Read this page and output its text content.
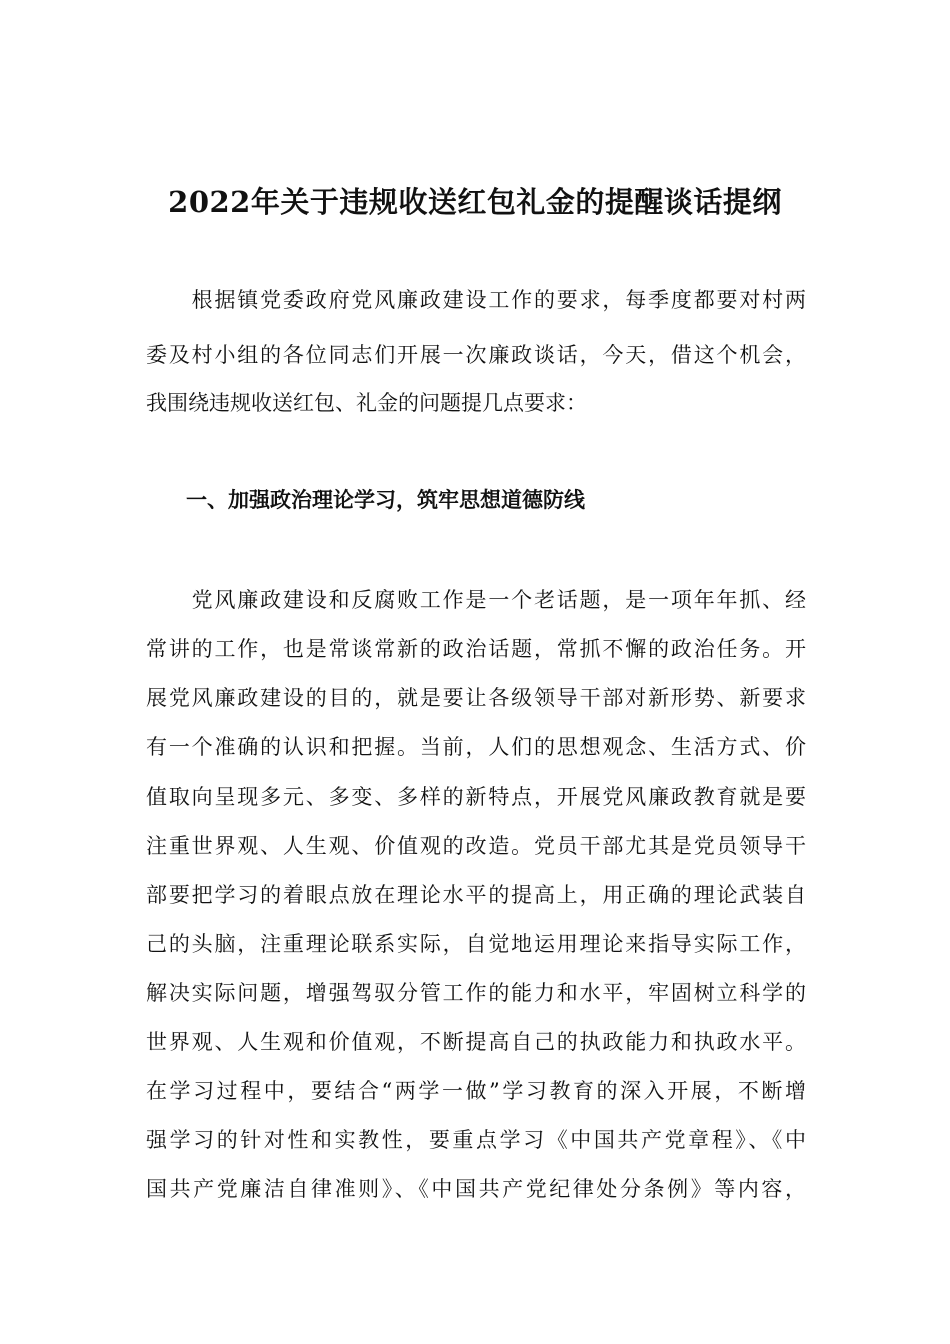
2022年关于违规收送红包礼金的提醒谈话提纲
　　根据镇党委政府党风廉政建设工作的要求，每季度都要对村两
委及村小组的各位同志们开展一次廉政谈话，今天，借这个机会，
我围绕违规收送红包、礼金的问题提几点要求：
一、加强政治理论学习，筑牢思想道德防线
　　党风廉政建设和反腐败工作是一个老话题，是一项年年抓、经
常讲的工作，也是常谈常新的政治话题，常抓不懈的政治任务。开
展党风廉政建设的目的，就是要让各级领导干部对新形势、新要求
有一个准确的认识和把握。当前，人们的思想观念、生活方式、价
值取向呈现多元、多变、多样的新特点，开展党风廉政教育就是要
注重世界观、人生观、价值观的改造。党员干部尤其是党员领导干
部要把学习的着眼点放在理论水平的提高上，用正确的理论武装自
己的头脑，注重理论联系实际，自觉地运用理论来指导实际工作，
解决实际问题，增强驾驭分管工作的能力和水平，牢固树立科学的
世界观、人生观和价值观，不断提高自己的执政能力和执政水平。
在学习过程中，要结合“两学一做”学习教育的深入开展，不断增
强学习的针对性和实教性，要重点学习《中国共产党章程》、《中
国共产党廉洁自律准则》、《中国共产党纪律处分条例》等内容，
